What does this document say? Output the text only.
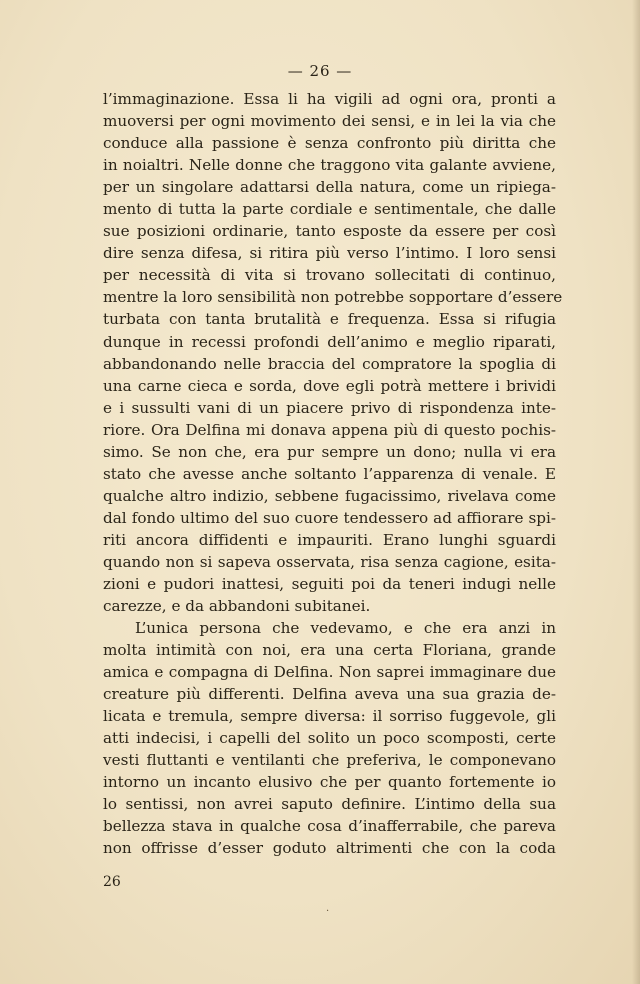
— 26 —

l’immaginazione. Essa li ha vigili ad ogni ora, pronti a
muoversi per ogni movimento dei sensi, e in lei la via che
conduce alla passione è senza confronto più diritta che
in noialtri. Nelle donne che traggono vita galante avviene,
per un singolare adattarsi della natura, come un ripiega-
mento di tutta la parte cordiale e sentimentale, che dalle
sue posizioni ordinarie, tanto esposte da essere per così
dire senza difesa, si ritira più verso l’intimo. I loro sensi
per necessità di vita si trovano sollecitati di continuo,
mentre la loro sensibilità non potrebbe sopportare d’essere
turbata con tanta brutalità e frequenza. Essa si rifugia
dunque in recessi profondi dell’animo e meglio riparati,
abbandonando nelle braccia del compratore la spoglia di
una carne cieca e sorda, dove egli potrà mettere i brividi
e i sussulti vani di un piacere privo di rispondenza inte-
riore. Ora Delfina mi donava appena più di questo pochis-
simo. Se non che, era pur sempre un dono; nulla vi era
stato che avesse anche soltanto l’apparenza di venale. E
qualche altro indizio, sebbene fugacissimo, rivelava come
dal fondo ultimo del suo cuore tendessero ad affiorare spi-
riti ancora diffidenti e impauriti. Erano lunghi sguardi
quando non si sapeva osservata, risa senza cagione, esita-
zioni e pudori inattesi, seguiti poi da teneri indugi nelle
carezze, e da abbandoni subitanei.
L’unica persona che vedevamo, e che era anzi in
molta intimità con noi, era una certa Floriana, grande
amica e compagna di Delfina. Non saprei immaginare due
creature più differenti. Delfina aveva una sua grazia de-
licata e tremula, sempre diversa: il sorriso fuggevole, gli
atti indecisi, i capelli del solito un poco scomposti, certe
vesti fluttanti e ventilanti che preferiva, le componevano
intorno un incanto elusivo che per quanto fortemente io
lo sentissi, non avrei saputo definire. L’intimo della sua
bellezza stava in qualche cosa d’inafferrabile, che pareva
non offrisse d’esser goduto altrimenti che con la coda
26
·
